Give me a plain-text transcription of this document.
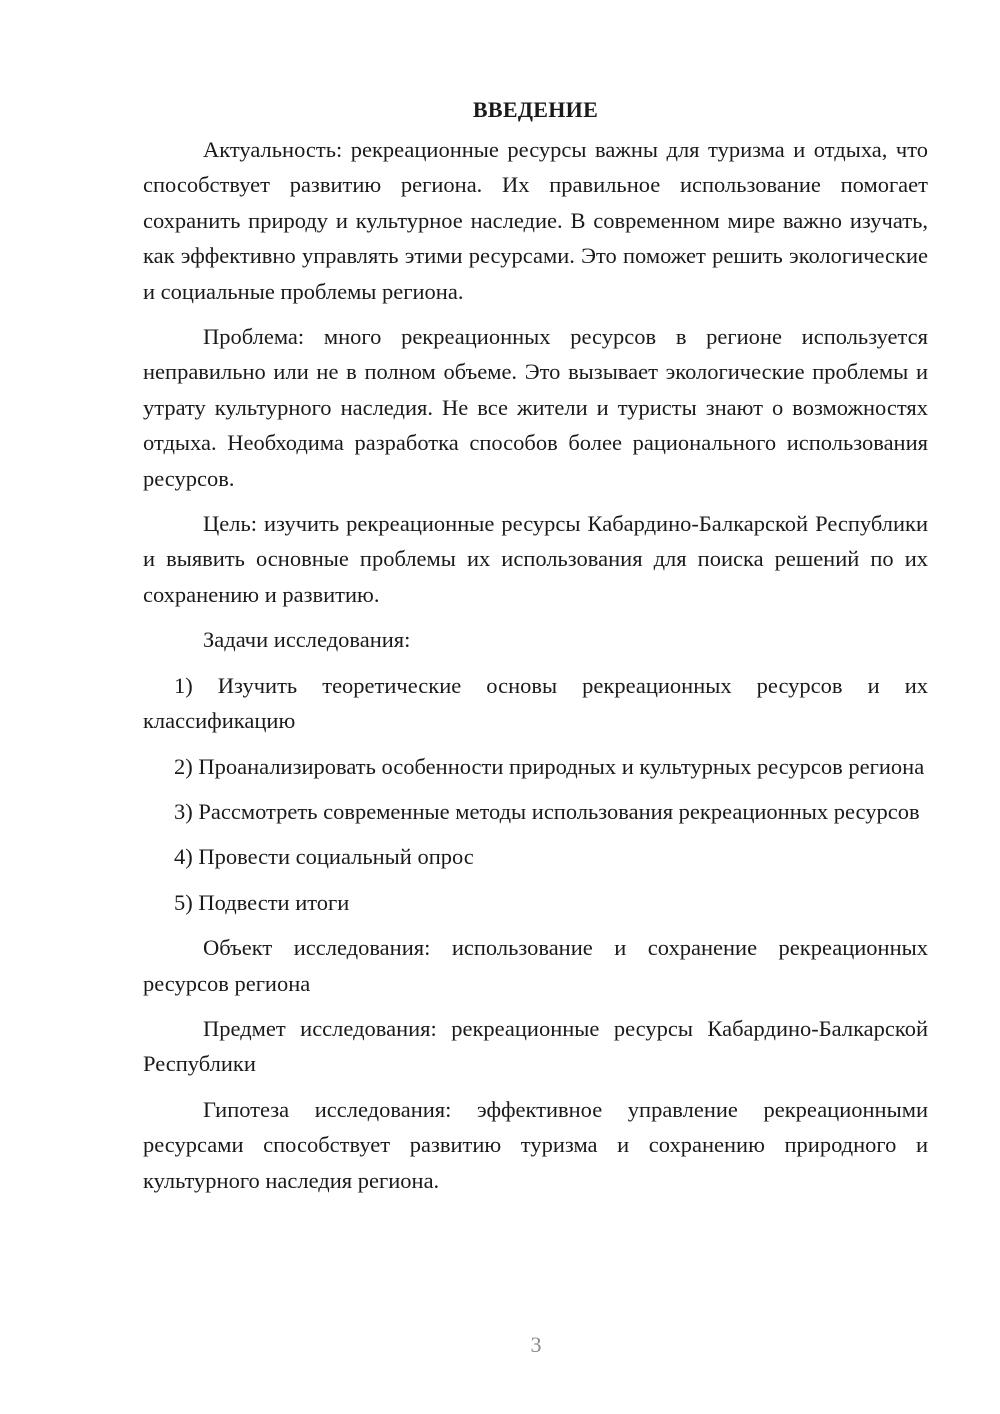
ВВЕДЕНИЕ

Актуальность: рекреационные ресурсы важны для туризма и отдыха, что способствует развитию региона. Их правильное использование помогает сохранить природу и культурное наследие. В современном мире важно изучать, как эффективно управлять этими ресурсами. Это поможет решить экологические и социальные проблемы региона.

Проблема: много рекреационных ресурсов в регионе используется неправильно или не в полном объеме. Это вызывает экологические проблемы и утрату культурного наследия. Не все жители и туристы знают о возможностях отдыха. Необходима разработка способов более рационального использования ресурсов.

Цель: изучить рекреационные ресурсы Кабардино-Балкарской Республики и выявить основные проблемы их использования для поиска решений по их сохранению и развитию.

Задачи исследования:

1) Изучить теоретические основы рекреационных ресурсов и их классификацию

2) Проанализировать особенности природных и культурных ресурсов региона

3) Рассмотреть современные методы использования рекреационных ресурсов

4) Провести социальный опрос

5) Подвести итоги

Объект исследования: использование и сохранение рекреационных ресурсов региона

Предмет исследования: рекреационные ресурсы Кабардино-Балкарской Республики

Гипотеза исследования: эффективное управление рекреационными ресурсами способствует развитию туризма и сохранению природного и культурного наследия региона.

3
